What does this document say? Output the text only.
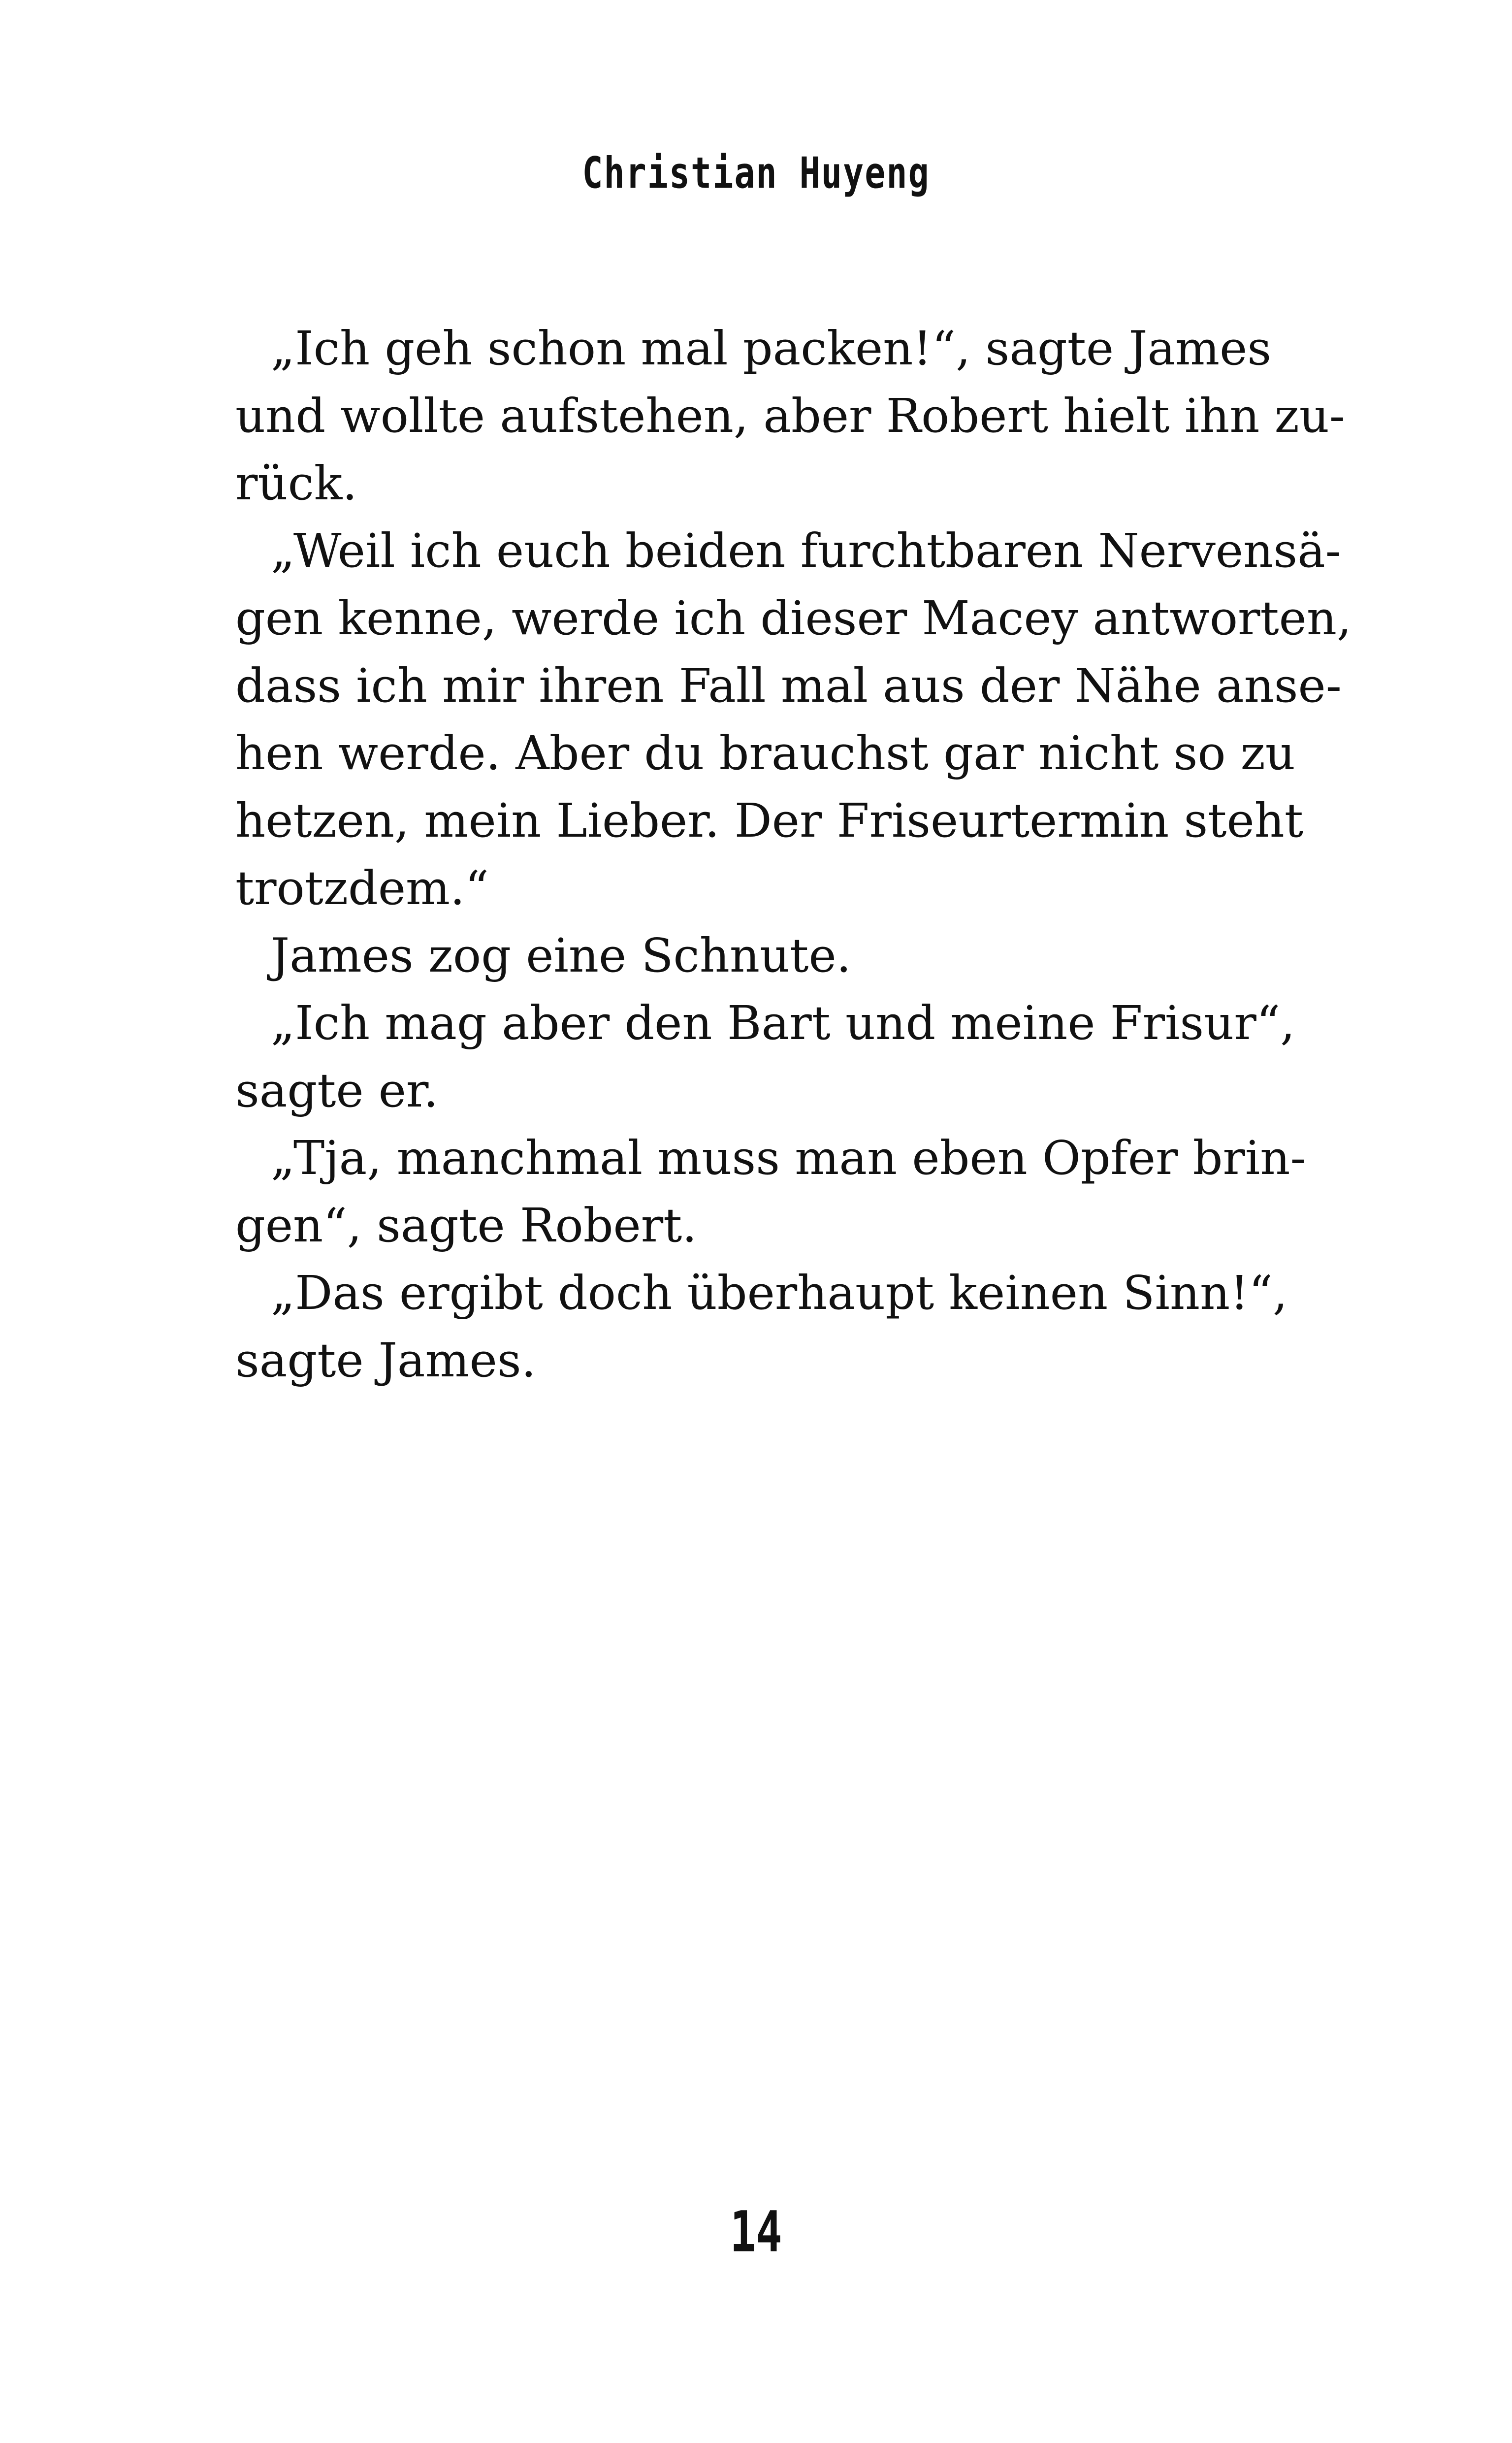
Christian Huyeng
„Ich geh schon mal packen!“, sagte James
und wollte aufstehen, aber Robert hielt ihn zu-
rück.
„Weil ich euch beiden furchtbaren Nervensä-
gen kenne, werde ich dieser Macey antworten,
dass ich mir ihren Fall mal aus der Nähe anse-
hen werde. Aber du brauchst gar nicht so zu
hetzen, mein Lieber. Der Friseurtermin steht
trotzdem.“
James zog eine Schnute.
„Ich mag aber den Bart und meine Frisur“,
sagte er.
„Tja, manchmal muss man eben Opfer brin-
gen“, sagte Robert.
„Das ergibt doch überhaupt keinen Sinn!“,
sagte James.
14
